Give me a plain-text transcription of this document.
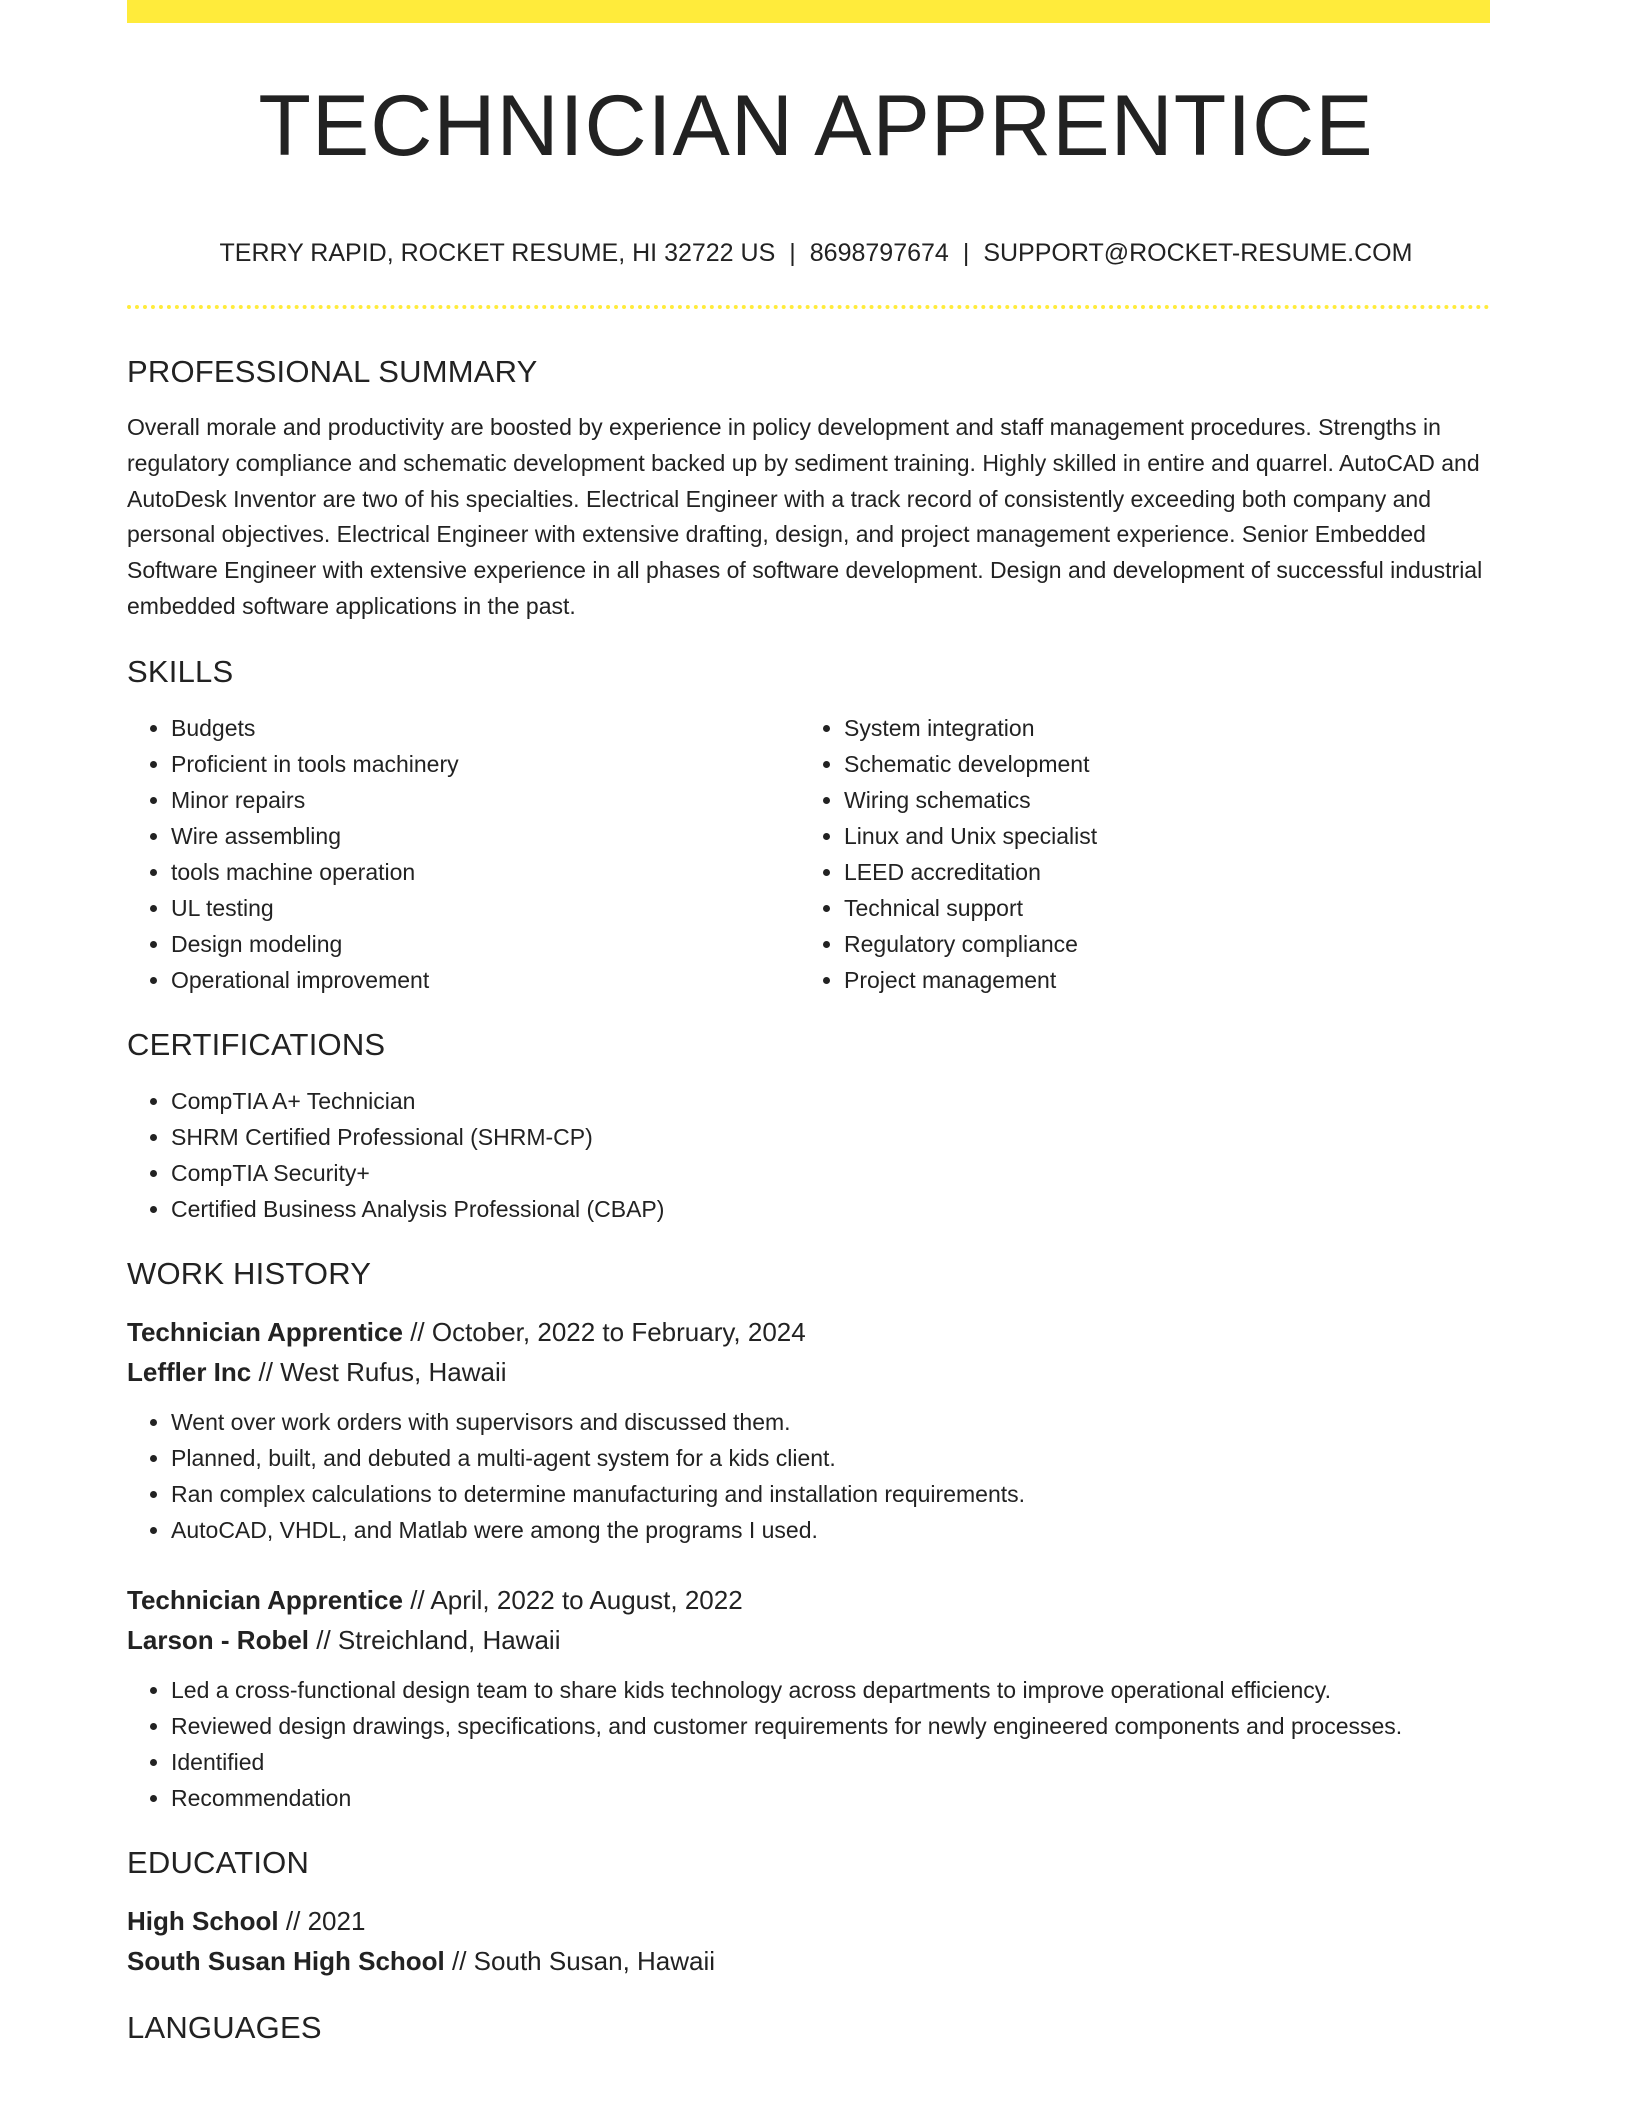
TECHNICIAN APPRENTICE
TERRY RAPID, ROCKET RESUME, HI 32722 US | 8698797674 | SUPPORT@ROCKET-RESUME.COM
PROFESSIONAL SUMMARY

Overall morale and productivity are boosted by experience in policy development and staff management procedures. Strengths in regulatory compliance and schematic development backed up by sediment training. Highly skilled in entire and quarrel. AutoCAD and AutoDesk Inventor are two of his specialties. Electrical Engineer with a track record of consistently exceeding both company and personal objectives. Electrical Engineer with extensive drafting, design, and project management experience. Senior Embedded Software Engineer with extensive experience in all phases of software development. Design and development of successful industrial embedded software applications in the past.

SKILLS
• Budgets
• Proficient in tools machinery
• Minor repairs
• Wire assembling
• tools machine operation
• UL testing
• Design modeling
• Operational improvement
• System integration
• Schematic development
• Wiring schematics
• Linux and Unix specialist
• LEED accreditation
• Technical support
• Regulatory compliance
• Project management
CERTIFICATIONS
• CompTIA A+ Technician
• SHRM Certified Professional (SHRM-CP)
• CompTIA Security+
• Certified Business Analysis Professional (CBAP)
WORK HISTORY
Technician Apprentice // October, 2022 to February, 2024
Leffler Inc // West Rufus, Hawaii
• Went over work orders with supervisors and discussed them.
• Planned, built, and debuted a multi-agent system for a kids client.
• Ran complex calculations to determine manufacturing and installation requirements.
• AutoCAD, VHDL, and Matlab were among the programs I used.
Technician Apprentice // April, 2022 to August, 2022
Larson - Robel // Streichland, Hawaii
• Led a cross-functional design team to share kids technology across departments to improve operational efficiency.
• Reviewed design drawings, specifications, and customer requirements for newly engineered components and processes.
• Identified
• Recommendation
EDUCATION
High School // 2021
South Susan High School // South Susan, Hawaii
LANGUAGES
